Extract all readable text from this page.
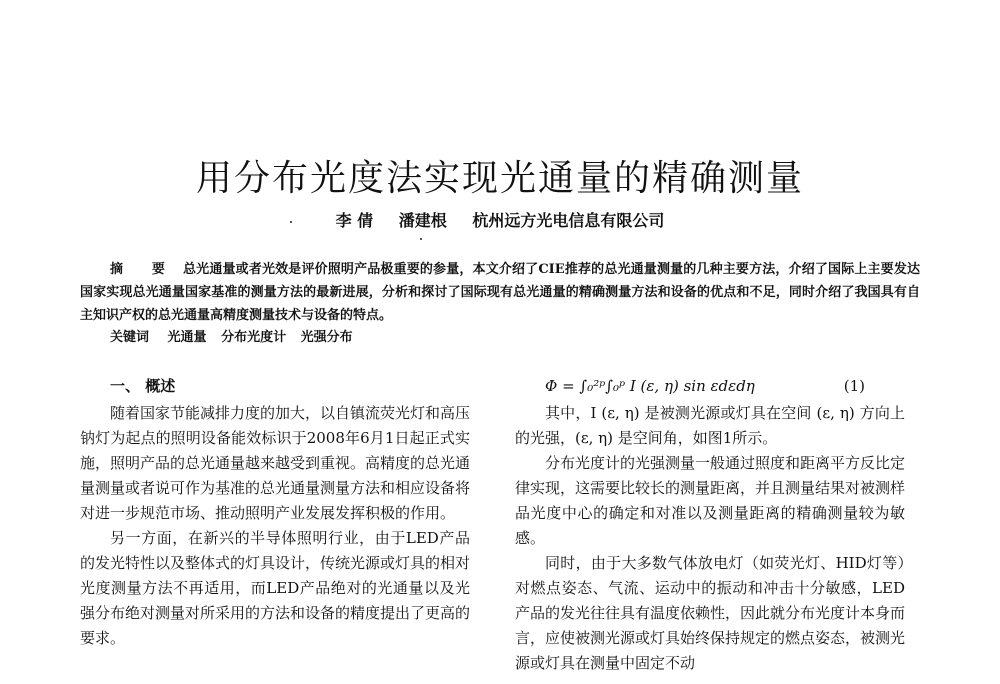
用分布光度法实现光通量的精确测量
李 倩 潘建根 杭州远方光电信息有限公司
摘 要 总光通量或者光效是评价照明产品极重要的参量，本文介绍了CIE推荐的总光通量测量的几种主要方法，介绍了国际上主要发达国家实现总光通量国家基准的测量方法的最新进展，分析和探讨了国际现有总光通量的精确测量方法和设备的优点和不足，同时介绍了我国具有自主知识产权的总光通量高精度测量技术与设备的特点。
关键词 光通量 分布光度计 光强分布
一、 概述

随着国家节能减排力度的加大，以自镇流荧光灯和高压钠灯为起点的照明设备能效标识于2008年6月1日起正式实施，照明产品的总光通量越来越受到重视。高精度的总光通量测量或者说可作为基准的总光通量测量方法和相应设备将对进一步规范市场、推动照明产业发展发挥积极的作用。

另一方面，在新兴的半导体照明行业，由于LED产品的发光特性以及整体式的灯具设计，传统光源或灯具的相对光度测量方法不再适用，而LED产品绝对的光通量以及光强分布绝对测量对所采用的方法和设备的精度提出了更高的要求。

Φ = ∫₀²ᵖ∫₀ᵖ I (ε, η) sin εdεdη	(1)

其中，I (ε, η) 是被测光源或灯具在空间 (ε, η) 方向上的光强，(ε, η) 是空间角，如图1所示。

分布光度计的光强测量一般通过照度和距离平方反比定律实现，这需要比较长的测量距离，并且测量结果对被测样品光度中心的确定和对准以及测量距离的精确测量较为敏感。

同时，由于大多数气体放电灯（如荧光灯、HID灯等）对燃点姿态、气流、运动中的振动和冲击十分敏感，LED产品的发光往往具有温度依赖性，因此就分布光度计本身而言，应使被测光源或灯具始终保持规定的燃点姿态，被测光源或灯具在测量中固定不动
